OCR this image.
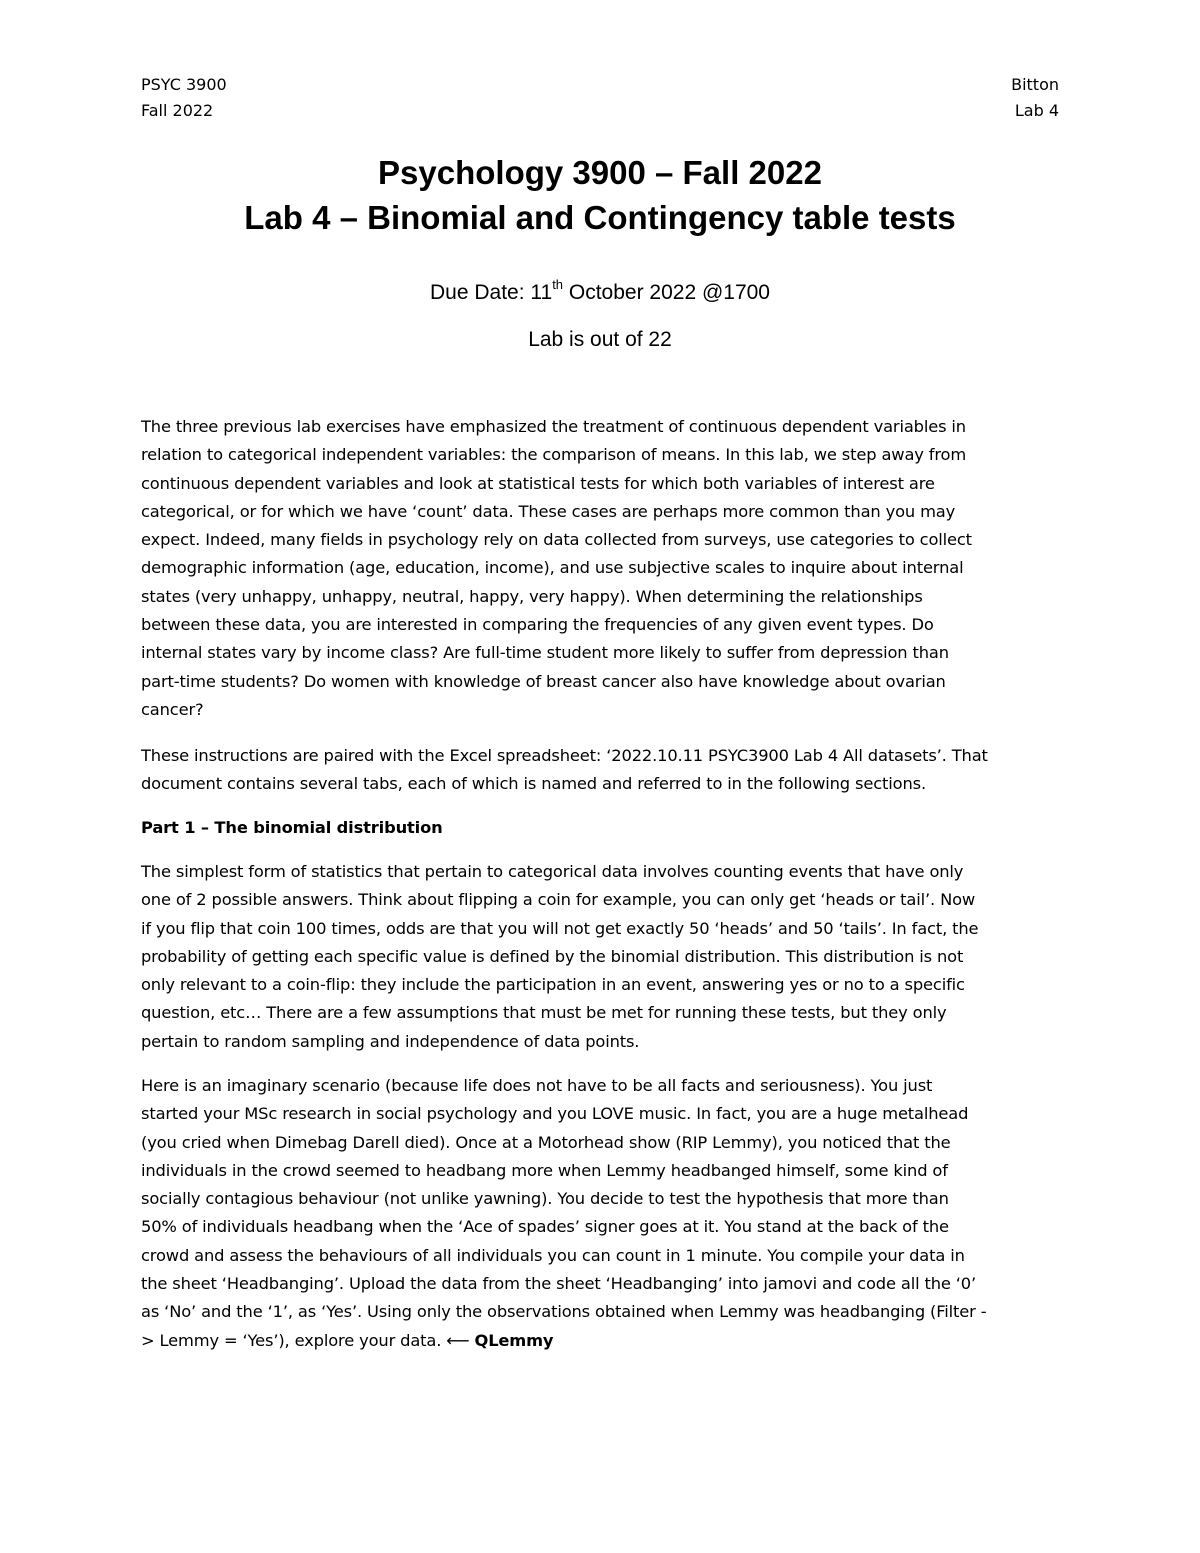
PSYC 3900
Fall 2022
Bitton
Lab 4
Psychology 3900 – Fall 2022
Lab 4 – Binomial and Contingency table tests
Due Date: 11th October 2022 @1700
Lab is out of 22
The three previous lab exercises have emphasized the treatment of continuous dependent variables in
relation to categorical independent variables: the comparison of means. In this lab, we step away from
continuous dependent variables and look at statistical tests for which both variables of interest are
categorical, or for which we have ‘count’ data. These cases are perhaps more common than you may
expect. Indeed, many fields in psychology rely on data collected from surveys, use categories to collect
demographic information (age, education, income), and use subjective scales to inquire about internal
states (very unhappy, unhappy, neutral, happy, very happy). When determining the relationships
between these data, you are interested in comparing the frequencies of any given event types. Do
internal states vary by income class? Are full-time student more likely to suffer from depression than
part-time students? Do women with knowledge of breast cancer also have knowledge about ovarian
cancer?
These instructions are paired with the Excel spreadsheet: ‘2022.10.11 PSYC3900 Lab 4 All datasets’. That
document contains several tabs, each of which is named and referred to in the following sections.
Part 1 – The binomial distribution
The simplest form of statistics that pertain to categorical data involves counting events that have only
one of 2 possible answers. Think about flipping a coin for example, you can only get ‘heads or tail’. Now
if you flip that coin 100 times, odds are that you will not get exactly 50 ‘heads’ and 50 ‘tails’. In fact, the
probability of getting each specific value is defined by the binomial distribution. This distribution is not
only relevant to a coin-flip: they include the participation in an event, answering yes or no to a specific
question, etc… There are a few assumptions that must be met for running these tests, but they only
pertain to random sampling and independence of data points.
Here is an imaginary scenario (because life does not have to be all facts and seriousness). You just
started your MSc research in social psychology and you LOVE music. In fact, you are a huge metalhead
(you cried when Dimebag Darell died). Once at a Motorhead show (RIP Lemmy), you noticed that the
individuals in the crowd seemed to headbang more when Lemmy headbanged himself, some kind of
socially contagious behaviour (not unlike yawning). You decide to test the hypothesis that more than
50% of individuals headbang when the ‘Ace of spades’ signer goes at it. You stand at the back of the
crowd and assess the behaviours of all individuals you can count in 1 minute. You compile your data in
the sheet ‘Headbanging’. Upload the data from the sheet ‘Headbanging’ into jamovi and code all the ‘0’
as ‘No’ and the ‘1’, as ‘Yes’. Using only the observations obtained when Lemmy was headbanging (Filter -
> Lemmy = ‘Yes’), explore your data. ⟵ QLemmy
